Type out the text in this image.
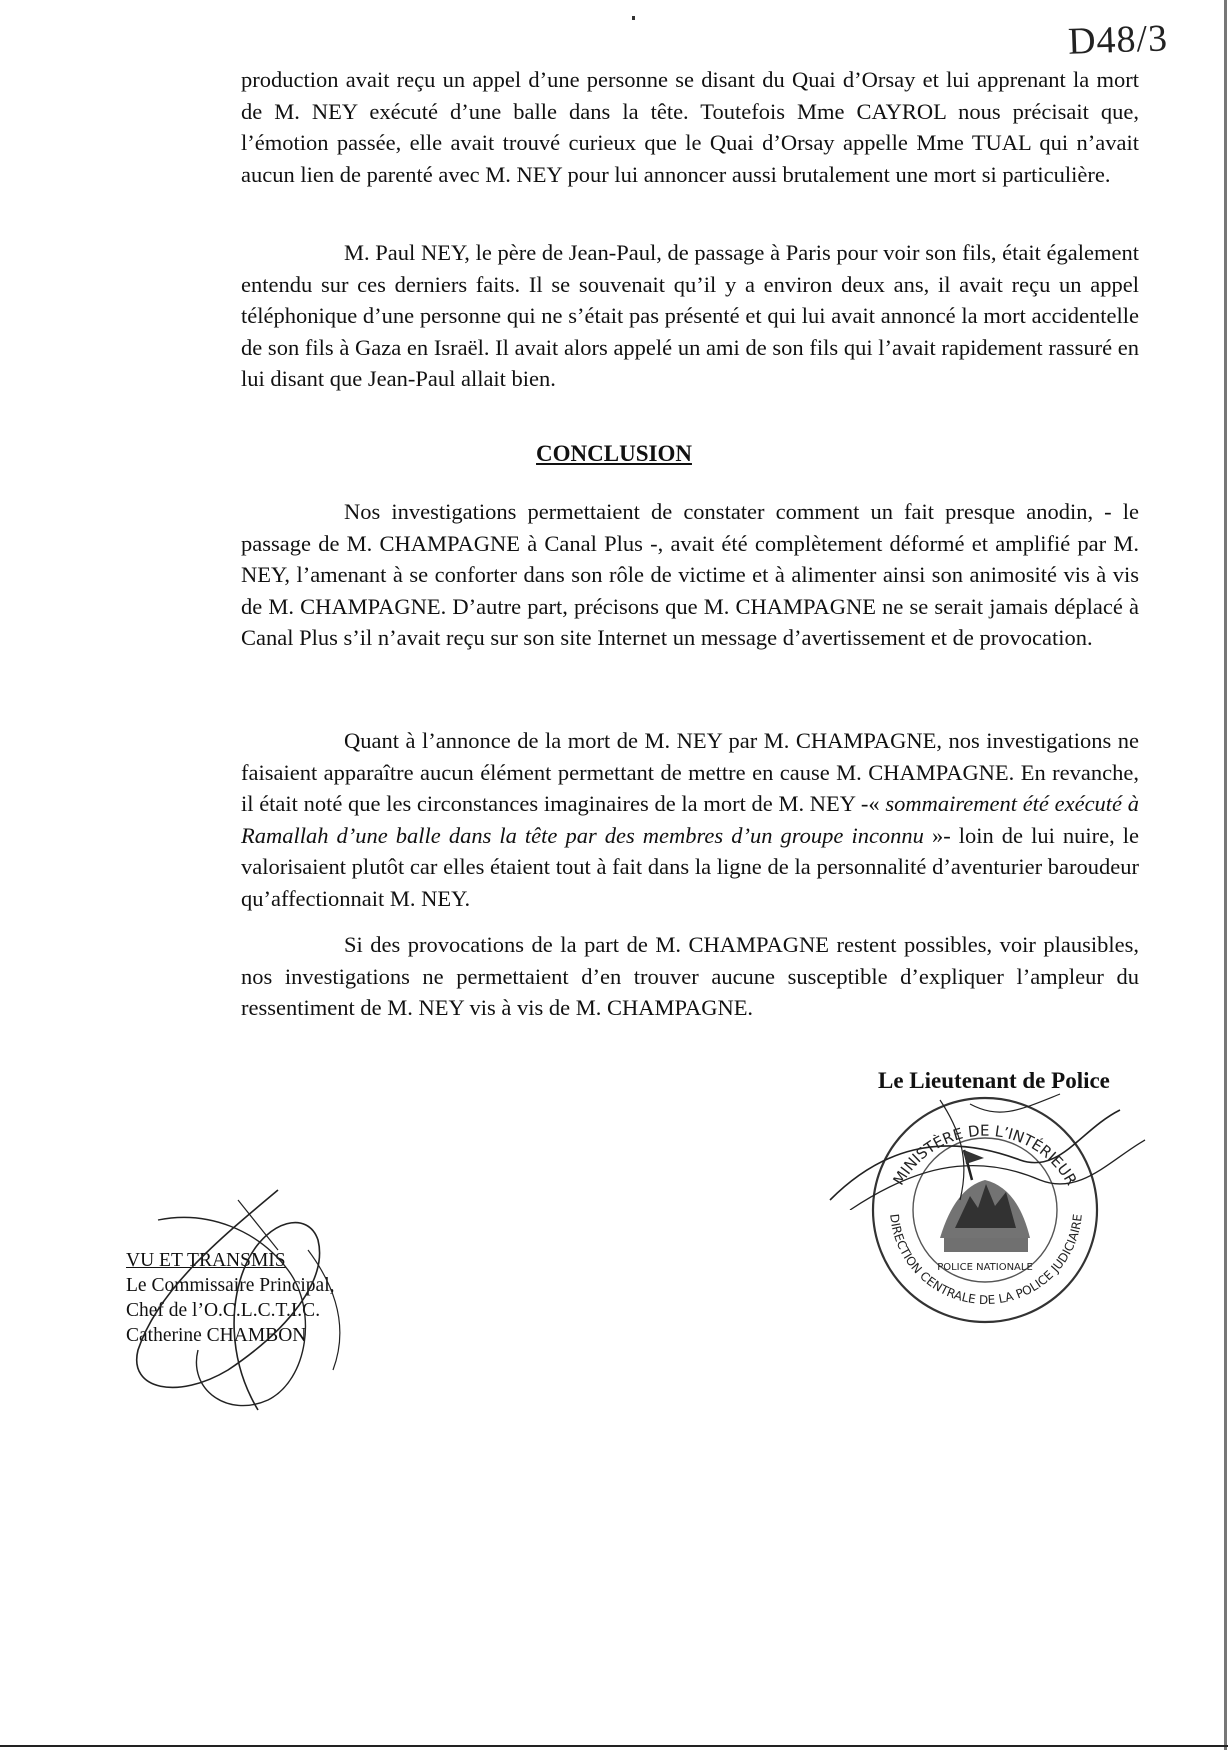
D48/3

production avait reçu un appel d’une personne se disant du Quai d’Orsay et lui apprenant la mort de M. NEY exécuté d’une balle dans la tête. Toutefois Mme CAYROL nous précisait que, l’émotion passée, elle avait trouvé curieux que le Quai d’Orsay appelle Mme TUAL qui n’avait aucun lien de parenté avec M. NEY pour lui annoncer aussi brutalement une mort si particulière.

M. Paul NEY, le père de Jean-Paul, de passage à Paris pour voir son fils, était également entendu sur ces derniers faits. Il se souvenait qu’il y a environ deux ans, il avait reçu un appel téléphonique d’une personne qui ne s’était pas présenté et qui lui avait annoncé la mort accidentelle de son fils à Gaza en Israël. Il avait alors appelé un ami de son fils qui l’avait rapidement rassuré en lui disant que Jean-Paul allait bien.

CONCLUSION

Nos investigations permettaient de constater comment un fait presque anodin, - le passage de M. CHAMPAGNE à Canal Plus -, avait été complètement déformé et amplifié par M. NEY, l’amenant à se conforter dans son rôle de victime et à alimenter ainsi son animosité vis à vis de M. CHAMPAGNE. D’autre part, précisons que M. CHAMPAGNE ne se serait jamais déplacé à Canal Plus s’il n’avait reçu sur son site Internet un message d’avertissement et de provocation.

Quant à l’annonce de la mort de M. NEY par M. CHAMPAGNE, nos investigations ne faisaient apparaître aucun élément permettant de mettre en cause M. CHAMPAGNE. En revanche, il était noté que les circonstances imaginaires de la mort de M. NEY -« sommairement été exécuté à Ramallah d’une balle dans la tête par des membres d’un groupe inconnu »- loin de lui nuire, le valorisaient plutôt car elles étaient tout à fait dans la ligne de la personnalité d’aventurier baroudeur qu’affectionnait M. NEY.

Si des provocations de la part de M. CHAMPAGNE restent possibles, voir plausibles, nos investigations ne permettaient d’en trouver aucune susceptible d’expliquer l’ampleur du ressentiment de M. NEY vis à vis de M. CHAMPAGNE.

Le Lieutenant de Police

MINISTÈRE DE L’INTÉRIEUR
DIRECTION CENTRALE DE LA POLICE JUDICIAIRE
POLICE NATIONALE
VU ET TRANSMIS
Le Commissaire Principal,
Chef de l’O.C.L.C.T.I.C.
Catherine CHAMBON
